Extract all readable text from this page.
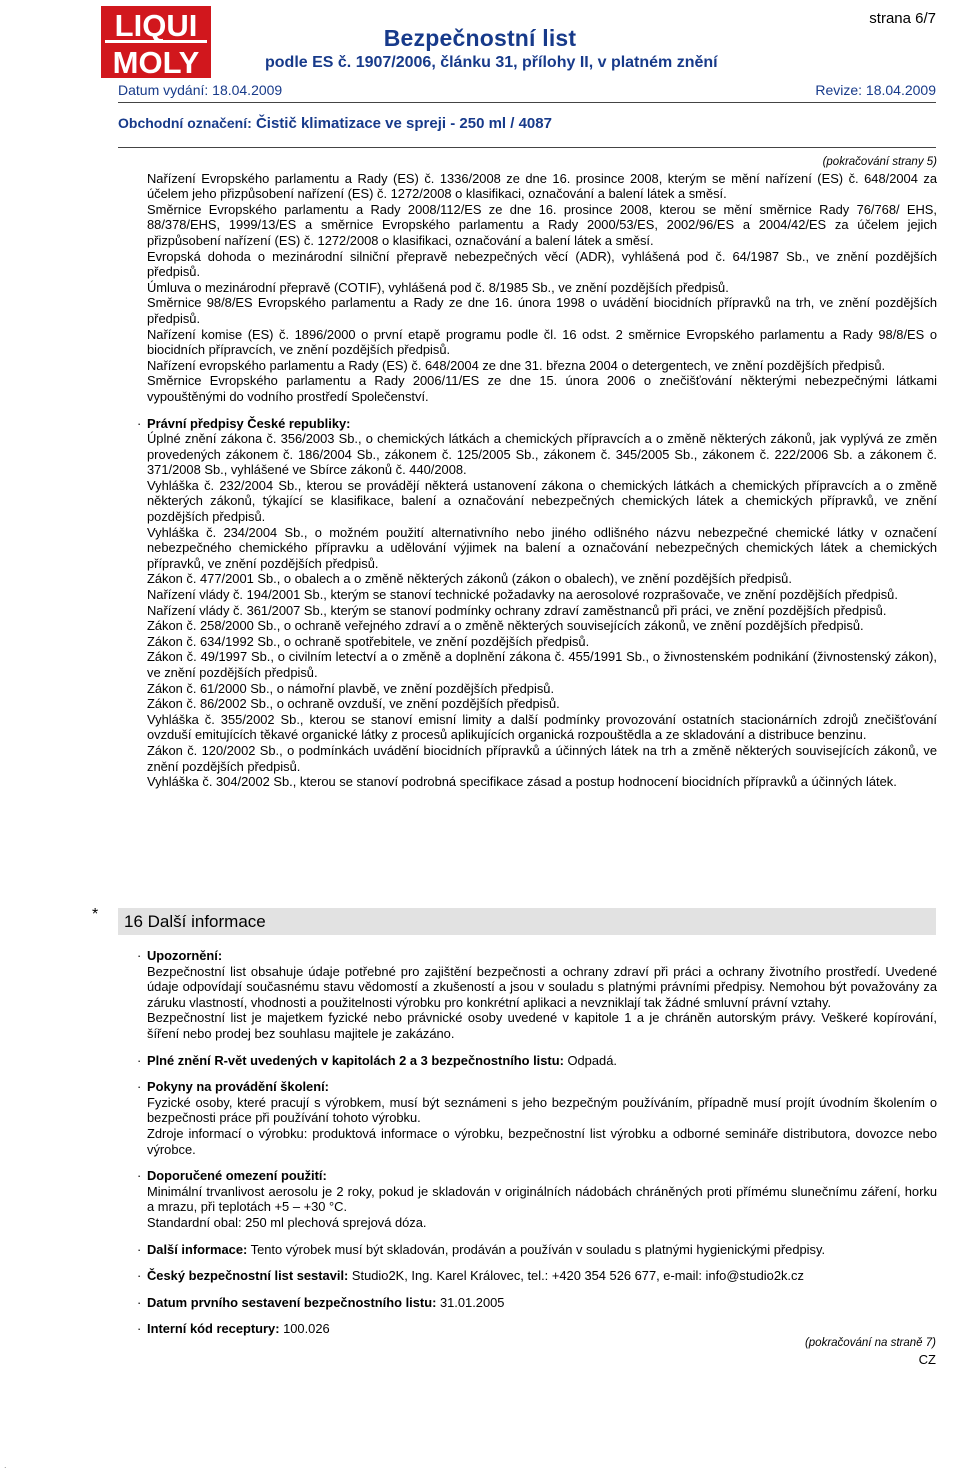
LIQUI
MOLY
strana 6/7
Bezpečnostní list
podle ES č. 1907/2006, článku 31, přílohy II, v platném znění
Datum vydání: 18.04.2009	Revize: 18.04.2009
Obchodní označení: Čistič klimatizace ve spreji - 250 ml / 4087

(pokračování strany 5)

Nařízení Evropského parlamentu a Rady (ES) č. 1336/2008 ze dne 16. prosince 2008, kterým se mění nařízení (ES) č. 648/2004 za účelem jeho přizpůsobení nařízení (ES) č. 1272/2008 o klasifikaci, označování a balení látek a směsí.

Směrnice Evropského parlamentu a Rady 2008/112/ES ze dne 16. prosince 2008, kterou se mění směrnice Rady 76/768/ EHS, 88/378/EHS, 1999/13/ES a směrnice Evropského parlamentu a Rady 2000/53/ES, 2002/96/ES a 2004/42/ES za účelem jejich přizpůsobení nařízení (ES) č. 1272/2008 o klasifikaci, označování a balení látek a směsí.

Evropská dohoda o mezinárodní silniční přepravě nebezpečných věcí (ADR), vyhlášená pod č. 64/1987 Sb., ve znění pozdějších předpisů.

Úmluva o mezinárodní přepravě (COTIF), vyhlášená pod č. 8/1985 Sb., ve znění pozdějších předpisů.

Směrnice 98/8/ES Evropského parlamentu a Rady ze dne 16. února 1998 o uvádění biocidních přípravků na trh, ve znění pozdějších předpisů.

Nařízení komise (ES) č. 1896/2000 o první etapě programu podle čl. 16 odst. 2 směrnice Evropského parlamentu a Rady 98/8/ES o biocidních přípravcích, ve znění pozdějších předpisů.

Nařízení evropského parlamentu a Rady (ES) č. 648/2004 ze dne 31. března 2004 o detergentech, ve znění pozdějších předpisů.

Směrnice Evropského parlamentu a Rady 2006/11/ES ze dne 15. února 2006 o znečišťování některými nebezpečnými látkami vypouštěnými do vodního prostředí Společenství.

· Právní předpisy České republiky:

Úplné znění zákona č. 356/2003 Sb., o chemických látkách a chemických přípravcích a o změně některých zákonů, jak vyplývá ze změn provedených zákonem č. 186/2004 Sb., zákonem č. 125/2005 Sb., zákonem č. 345/2005 Sb., zákonem č. 222/2006 Sb. a zákonem č. 371/2008 Sb., vyhlášené ve Sbírce zákonů č. 440/2008.

Vyhláška č. 232/2004 Sb., kterou se provádějí některá ustanovení zákona o chemických látkách a chemických přípravcích a o změně některých zákonů, týkající se klasifikace, balení a označování nebezpečných chemických látek a chemických přípravků, ve znění pozdějších předpisů.

Vyhláška č. 234/2004 Sb., o možném použití alternativního nebo jiného odlišného názvu nebezpečné chemické látky v označení nebezpečného chemického přípravku a udělování výjimek na balení a označování nebezpečných chemických látek a chemických přípravků, ve znění pozdějších předpisů.

Zákon č. 477/2001 Sb., o obalech a o změně některých zákonů (zákon o obalech), ve znění pozdějších předpisů.

Nařízení vlády č. 194/2001 Sb., kterým se stanoví technické požadavky na aerosolové rozprašovače, ve znění pozdějších předpisů.

Nařízení vlády č. 361/2007 Sb., kterým se stanoví podmínky ochrany zdraví zaměstnanců při práci, ve znění pozdějších předpisů.

Zákon č. 258/2000 Sb., o ochraně veřejného zdraví a o změně některých souvisejících zákonů, ve znění pozdějších předpisů.

Zákon č. 634/1992 Sb., o ochraně spotřebitele, ve znění pozdějších předpisů.

Zákon č. 49/1997 Sb., o civilním letectví a o změně a doplnění zákona č. 455/1991 Sb., o živnostenském podnikání (živnostenský zákon), ve znění pozdějších předpisů.

Zákon č. 61/2000 Sb., o námořní plavbě, ve znění pozdějších předpisů.

Zákon č. 86/2002 Sb., o ochraně ovzduší, ve znění pozdějších předpisů.

Vyhláška č. 355/2002 Sb., kterou se stanoví emisní limity a další podmínky provozování ostatních stacionárních zdrojů znečišťování ovzduší emitujících těkavé organické látky z procesů aplikujících organická rozpouštědla a ze skladování a distribuce benzinu.

Zákon č. 120/2002 Sb., o podmínkách uvádění biocidních přípravků a účinných látek na trh a změně některých souvisejících zákonů, ve znění pozdějších předpisů.

Vyhláška č. 304/2002 Sb., kterou se stanoví podrobná specifikace zásad a postup hodnocení biocidních přípravků a účinných látek.

* 16 Další informace
· Upozornění:

Bezpečnostní list obsahuje údaje potřebné pro zajištění bezpečnosti a ochrany zdraví při práci a ochrany životního prostředí. Uvedené údaje odpovídají současnému stavu vědomostí a zkušeností a jsou v souladu s platnými právními předpisy. Nemohou být považovány za záruku vlastností, vhodnosti a použitelnosti výrobku pro konkrétní aplikaci a nevzniklají tak žádné smluvní právní vztahy.

Bezpečnostní list je majetkem fyzické nebo právnické osoby uvedené v kapitole 1 a je chráněn autorským právy. Veškeré kopírování, šíření nebo prodej bez souhlasu majitele je zakázáno.

· Plné znění R-vět uvedených v kapitolách 2 a 3 bezpečnostního listu: Odpadá.

· Pokyny na provádění školení:

Fyzické osoby, které pracují s výrobkem, musí být seznámeni s jeho bezpečným používáním, případně musí projít úvodním školením o bezpečnosti práce při používání tohoto výrobku.

Zdroje informací o výrobku: produktová informace o výrobku, bezpečnostní list výrobku a odborné semináře distributora, dovozce nebo výrobce.

· Doporučené omezení použití:

Minimální trvanlivost aerosolu je 2 roky, pokud je skladován v originálních nádobách chráněných proti přímému slunečnímu záření, horku a mrazu, při teplotách +5 – +30 °C.

Standardní obal: 250 ml plechová sprejová dóza.

· Další informace: Tento výrobek musí být skladován, prodáván a používán v souladu s platnými hygienickými předpisy.

· Český bezpečnostní list sestavil: Studio2K, Ing. Karel Královec, tel.: +420 354 526 677, e-mail: info@studio2k.cz

· Datum prvního sestavení bezpečnostního listu: 31.01.2005

· Interní kód receptury: 100.026

(pokračování na straně 7)
CZ
.
